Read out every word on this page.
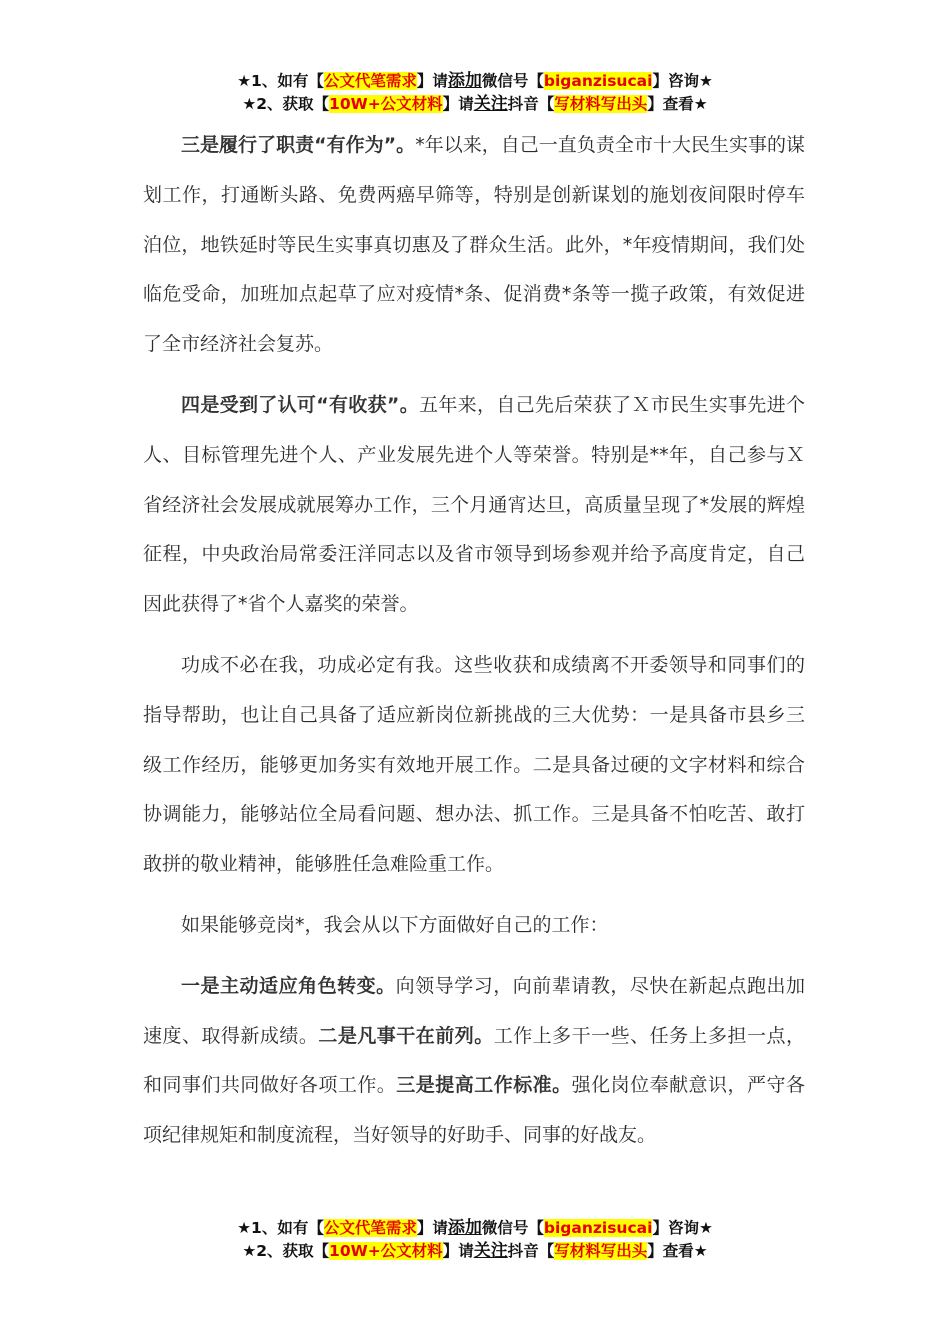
★1、如有【公文代笔需求】请添加微信号【biganzisucai】咨询★
★2、获取【10W+公文材料】请关注抖音【写材料写出头】查看★

三是履行了职责“有作为”。*年以来，自己一直负责全市十大民生实事的谋划工作，打通断头路、免费两癌早筛等，特别是创新谋划的施划夜间限时停车泊位，地铁延时等民生实事真切惠及了群众生活。此外，*年疫情期间，我们处临危受命，加班加点起草了应对疫情*条、促消费*条等一揽子政策，有效促进了全市经济社会复苏。

四是受到了认可“有收获”。五年来，自己先后荣获了Ｘ市民生实事先进个人、目标管理先进个人、产业发展先进个人等荣誉。特别是**年，自己参与Ｘ省经济社会发展成就展筹办工作，三个月通宵达旦，高质量呈现了*发展的辉煌征程，中央政治局常委汪洋同志以及省市领导到场参观并给予高度肯定，自己因此获得了*省个人嘉奖的荣誉。

功成不必在我，功成必定有我。这些收获和成绩离不开委领导和同事们的指导帮助，也让自己具备了适应新岗位新挑战的三大优势：一是具备市县乡三级工作经历，能够更加务实有效地开展工作。二是具备过硬的文字材料和综合协调能力，能够站位全局看问题、想办法、抓工作。三是具备不怕吃苦、敢打敢拼的敬业精神，能够胜任急难险重工作。

如果能够竞岗*，我会从以下方面做好自己的工作：

一是主动适应角色转变。向领导学习，向前辈请教，尽快在新起点跑出加速度、取得新成绩。二是凡事干在前列。工作上多干一些、任务上多担一点，和同事们共同做好各项工作。三是提高工作标准。强化岗位奉献意识，严守各项纪律规矩和制度流程，当好领导的好助手、同事的好战友。

★1、如有【公文代笔需求】请添加微信号【biganzisucai】咨询★
★2、获取【10W+公文材料】请关注抖音【写材料写出头】查看★
